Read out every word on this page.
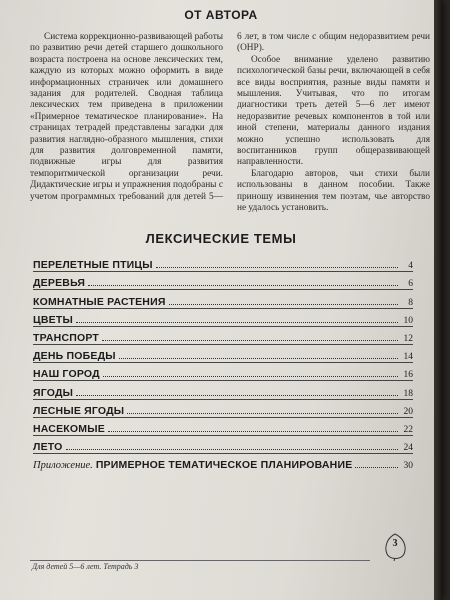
ОТ АВТОРА

Система коррекционно-развивающей работы по развитию речи детей старшего дошкольного возраста построена на основе лексических тем, каждую из которых можно оформить в виде информационных страничек или домашнего задания для родителей. Сводная таблица лексических тем приведена в приложении «Примерное тематическое планирование». На страницах тетрадей представлены загадки для развития наглядно-образного мышления, стихи для развития долговременной памяти, подвижные игры для развития темпоритмической организации речи. Дидактические игры и упражнения подобраны с учетом программных требований для детей 5—6 лет, в том числе с общим недоразвитием речи (ОНР).

Особое внимание уделено развитию психологической базы речи, включающей в себя все виды восприятия, разные виды памяти и мышления. Учитывая, что по итогам диагностики треть детей 5—6 лет имеют недоразвитие речевых компонентов в той или иной степени, материалы данного издания можно успешно использовать для воспитанников групп общеразвивающей направленности.

Благодарю авторов, чьи стихи были использованы в данном пособии. Также приношу извинения тем поэтам, чье авторство не удалось установить.

ЛЕКСИЧЕСКИЕ ТЕМЫ
ПЕРЕЛЕТНЫЕ ПТИЦЫ	4
ДЕРЕВЬЯ	6
КОМНАТНЫЕ РАСТЕНИЯ	8
ЦВЕТЫ	10
ТРАНСПОРТ	12
ДЕНЬ ПОБЕДЫ	14
НАШ ГОРОД	16
ЯГОДЫ	18
ЛЕСНЫЕ ЯГОДЫ	20
НАСЕКОМЫЕ	22
ЛЕТО	24
Приложение. ПРИМЕРНОЕ ТЕМАТИЧЕСКОЕ ПЛАНИРОВАНИЕ	30
3
Для детей 5—6 лет. Тетрадь 3
